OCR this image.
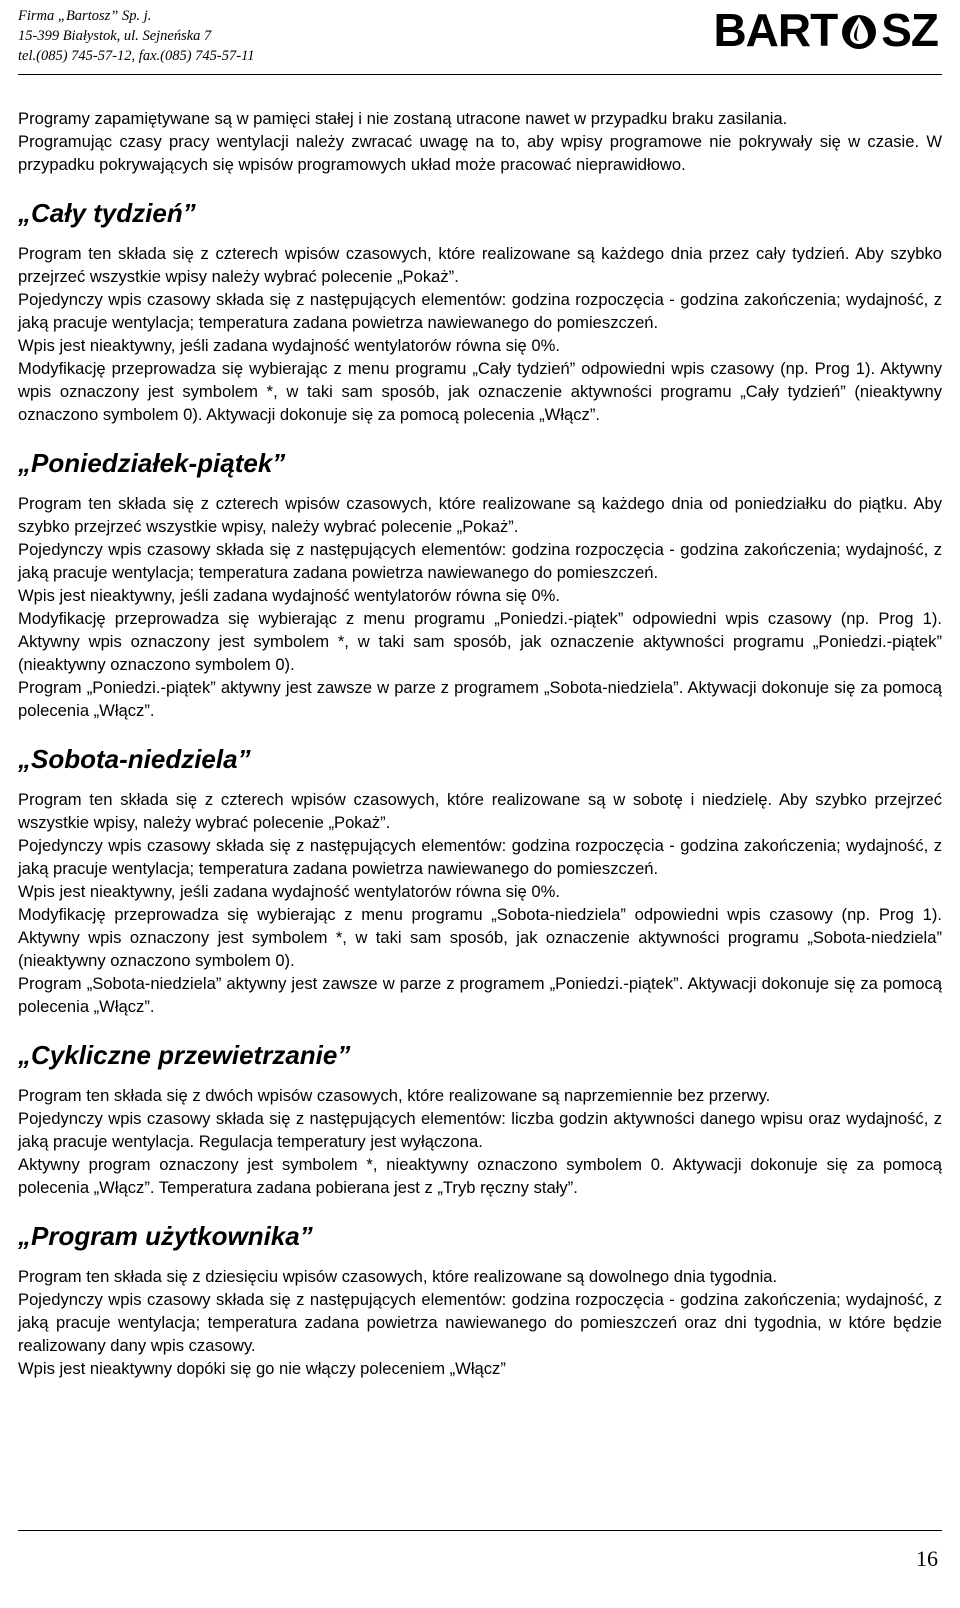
Firma „Bartosz” Sp. j.
15-399 Białystok, ul. Sejneńska 7
tel.(085) 745-57-12, fax.(085) 745-57-11	BART SZ

Programy zapamiętywane są w pamięci stałej i nie zostaną utracone nawet w przypadku braku zasilania.

Programując czasy pracy wentylacji należy zwracać uwagę na to, aby wpisy programowe nie pokrywały się w czasie. W przypadku pokrywających się wpisów programowych układ może pracować nieprawidłowo.

„Cały tydzień”

Program ten składa się z czterech wpisów czasowych, które realizowane są każdego dnia przez cały tydzień. Aby szybko przejrzeć wszystkie wpisy należy wybrać polecenie „Pokaż”.

Pojedynczy wpis czasowy składa się z następujących elementów: godzina rozpoczęcia - godzina zakończenia; wydajność, z jaką pracuje wentylacja; temperatura zadana powietrza nawiewanego do pomieszczeń.

Wpis jest nieaktywny, jeśli zadana wydajność wentylatorów równa się 0%.

Modyfikację przeprowadza się wybierając z menu programu „Cały tydzień” odpowiedni wpis czasowy (np. Prog 1). Aktywny wpis oznaczony jest symbolem *, w taki sam sposób, jak oznaczenie aktywności programu „Cały tydzień” (nieaktywny oznaczono symbolem 0). Aktywacji dokonuje się za pomocą polecenia „Włącz”.

„Poniedziałek-piątek”

Program ten składa się z czterech wpisów czasowych, które realizowane są każdego dnia od poniedziałku do piątku. Aby szybko przejrzeć wszystkie wpisy, należy wybrać polecenie „Pokaż”.

Pojedynczy wpis czasowy składa się z następujących elementów: godzina rozpoczęcia - godzina zakończenia; wydajność, z jaką pracuje wentylacja; temperatura zadana powietrza nawiewanego do pomieszczeń.

Wpis jest nieaktywny, jeśli zadana wydajność wentylatorów równa się 0%.

Modyfikację przeprowadza się wybierając z menu programu „Poniedzi.-piątek” odpowiedni wpis czasowy (np. Prog 1). Aktywny wpis oznaczony jest symbolem *, w taki sam sposób, jak oznaczenie aktywności programu „Poniedzi.-piątek” (nieaktywny oznaczono symbolem 0).

Program „Poniedzi.-piątek” aktywny jest zawsze w parze z programem „Sobota-niedziela”. Aktywacji dokonuje się za pomocą polecenia „Włącz”.

„Sobota-niedziela”

Program ten składa się z czterech wpisów czasowych, które realizowane są w sobotę i niedzielę. Aby szybko przejrzeć wszystkie wpisy, należy wybrać polecenie „Pokaż”.

Pojedynczy wpis czasowy składa się z następujących elementów: godzina rozpoczęcia - godzina zakończenia; wydajność, z jaką pracuje wentylacja; temperatura zadana powietrza nawiewanego do pomieszczeń.

Wpis jest nieaktywny, jeśli zadana wydajność wentylatorów równa się 0%.

Modyfikację przeprowadza się wybierając z menu programu „Sobota-niedziela” odpowiedni wpis czasowy (np. Prog 1). Aktywny wpis oznaczony jest symbolem *, w taki sam sposób, jak oznaczenie aktywności programu „Sobota-niedziela” (nieaktywny oznaczono symbolem 0).

Program „Sobota-niedziela” aktywny jest zawsze w parze z programem „Poniedzi.-piątek”. Aktywacji dokonuje się za pomocą polecenia „Włącz”.

„Cykliczne przewietrzanie”

Program ten składa się z dwóch wpisów czasowych, które realizowane są naprzemiennie bez przerwy.

Pojedynczy wpis czasowy składa się z następujących elementów: liczba godzin aktywności danego wpisu oraz wydajność, z jaką pracuje wentylacja. Regulacja temperatury jest wyłączona.

Aktywny program oznaczony jest symbolem *, nieaktywny oznaczono symbolem 0. Aktywacji dokonuje się za pomocą polecenia „Włącz”. Temperatura zadana pobierana jest z „Tryb ręczny stały”.

„Program użytkownika”

Program ten składa się z dziesięciu wpisów czasowych, które realizowane są dowolnego dnia tygodnia.

Pojedynczy wpis czasowy składa się z następujących elementów: godzina rozpoczęcia - godzina zakończenia; wydajność, z jaką pracuje wentylacja; temperatura zadana powietrza nawiewanego do pomieszczeń oraz dni tygodnia, w które będzie realizowany dany wpis czasowy.

Wpis jest nieaktywny dopóki się go nie włączy poleceniem „Włącz”

16
